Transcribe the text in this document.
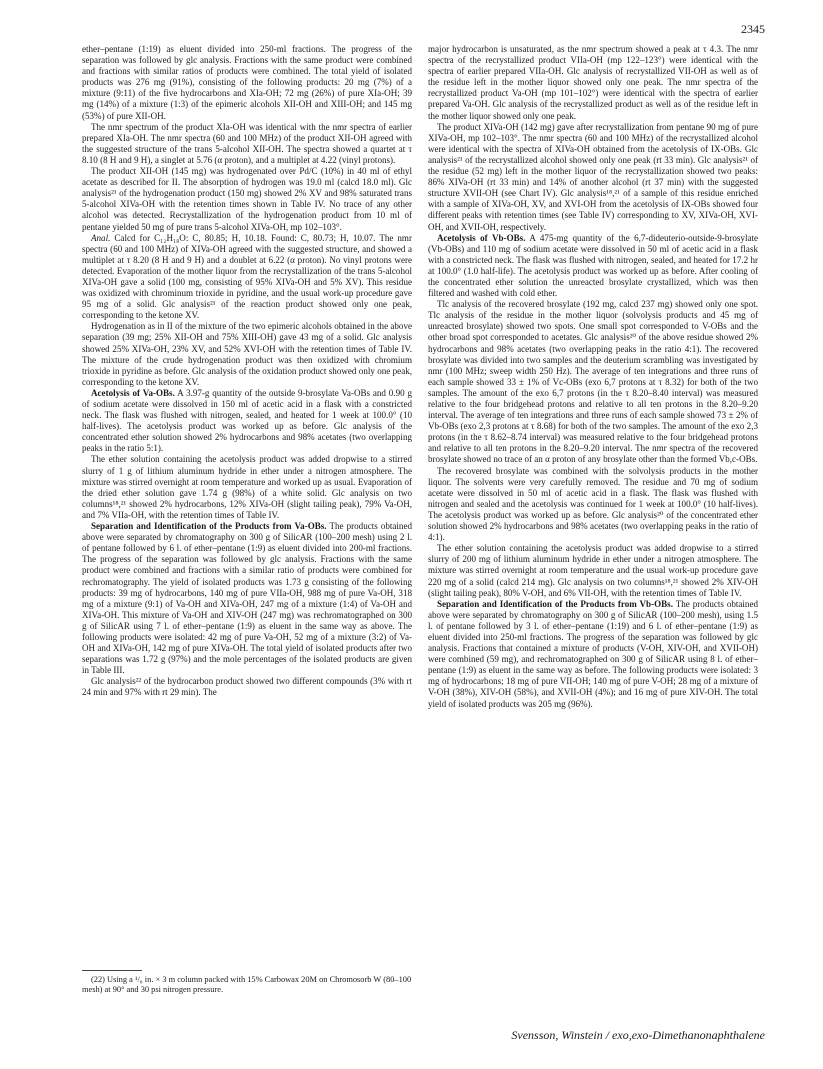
2345

ether–pentane (1:19) as eluent divided into 250-ml fractions. The progress of the separation was followed by glc analysis. Fractions with the same product were combined and fractions with similar ratios of products were combined. The total yield of isolated products was 276 mg (91%), consisting of the following products: 20 mg (7%) of a mixture (9:11) of the five hydrocarbons and XIa-OH; 72 mg (26%) of pure XIa-OH; 39 mg (14%) of a mixture (1:3) of the epimeric alcohols XII-OH and XIII-OH; and 145 mg (53%) of pure XII-OH.

The nmr spectrum of the product XIa-OH was identical with the nmr spectra of earlier prepared XIa-OH. The nmr spectra (60 and 100 MHz) of the product XII-OH agreed with the suggested structure of the trans 5-alcohol XII-OH. The spectra showed a quartet at τ 8.10 (8 H and 9 H), a singlet at 5.76 (α proton), and a multiplet at 4.22 (vinyl protons).

The product XII-OH (145 mg) was hydrogenated over Pd/C (10%) in 40 ml of ethyl acetate as described for II. The absorption of hydrogen was 19.0 ml (calcd 18.0 ml). Glc analysis²¹ of the hydrogenation product (150 mg) showed 2% XV and 98% saturated trans 5-alcohol XIVa-OH with the retention times shown in Table IV. No trace of any other alcohol was detected. Recrystallization of the hydrogenation product from 10 ml of pentane yielded 50 mg of pure trans 5-alcohol XIVa-OH, mp 102–103°.

Anal. Calcd for C₁₂H₁₈O: C, 80.85; H, 10.18. Found: C, 80.73; H, 10.07. The nmr spectra (60 and 100 MHz) of XIVa-OH agreed with the suggested structure, and showed a multiplet at τ 8.20 (8 H and 9 H) and a doublet at 6.22 (α proton). No vinyl protons were detected. Evaporation of the mother liquor from the recrystallization of the trans 5-alcohol XIVa-OH gave a solid (100 mg, consisting of 95% XIVa-OH and 5% XV). This residue was oxidized with chrominum trioxide in pyridine, and the usual work-up procedure gave 95 mg of a solid. Glc analysis²¹ of the reaction product showed only one peak, corresponding to the ketone XV.

Hydrogenation as in II of the mixture of the two epimeric alcohols obtained in the above separation (39 mg; 25% XII-OH and 75% XIII-OH) gave 43 mg of a solid. Glc analysis showed 25% XIVa-OH, 23% XV, and 52% XVI-OH with the retention times of Table IV. The mixture of the crude hydrogenation product was then oxidized with chromium trioxide in pyridine as before. Glc analysis of the oxidation product showed only one peak, corresponding to the ketone XV.

Acetolysis of Va-OBs. A 3.97-g quantity of the outside 9-brosylate Va-OBs and 0.90 g of sodium acetate were dissolved in 150 ml of acetic acid in a flask with a constricted neck. The flask was flushed with nitrogen, sealed, and heated for 1 week at 100.0° (10 half-lives). The acetolysis product was worked up as before. Glc analysis of the concentrated ether solution showed 2% hydrocarbons and 98% acetates (two overlapping peaks in the ratio 5:1).

The ether solution containing the acetolysis product was added dropwise to a stirred slurry of 1 g of lithium aluminum hydride in ether under a nitrogen atmosphere. The mixture was stirred overnight at room temperature and worked up as usual. Evaporation of the dried ether solution gave 1.74 g (98%) of a white solid. Glc analysis on two columns¹⁸,²¹ showed 2% hydrocarbons, 12% XIVa-OH (slight tailing peak), 79% Va-OH, and 7% VIIa-OH, with the retention times of Table IV.

Separation and Identification of the Products from Va-OBs. The products obtained above were separated by chromatography on 300 g of SilicAR (100–200 mesh) using 2 l. of pentane followed by 6 l. of ether–pentane (1:9) as eluent divided into 200-ml fractions. The progress of the separation was followed by glc analysis. Fractions with the same product were combined and fractions with a similar ratio of products were combined for rechromatography. The yield of isolated products was 1.73 g consisting of the following products: 39 mg of hydrocarbons, 140 mg of pure VIIa-OH, 988 mg of pure Va-OH, 318 mg of a mixture (9:1) of Va-OH and XIVa-OH, 247 mg of a mixture (1:4) of Va-OH and XIVa-OH. This mixture of Va-OH and XIV-OH (247 mg) was rechromatographed on 300 g of SilicAR using 7 l. of ether–pentane (1:9) as eluent in the same way as above. The following products were isolated: 42 mg of pure Va-OH, 52 mg of a mixture (3:2) of Va-OH and XIVa-OH, 142 mg of pure XIVa-OH. The total yield of isolated products after two separations was 1.72 g (97%) and the mole percentages of the isolated products are given in Table III.

Glc analysis²² of the hydrocarbon product showed two different compounds (3% with rt 24 min and 97% with rt 29 min). The

major hydrocarbon is unsaturated, as the nmr spectrum showed a peak at τ 4.3. The nmr spectra of the recrystallized product VIIa-OH (mp 122–123°) were identical with the spectra of earlier prepared VIIa-OH. Glc analysis of recrystallized VII-OH as well as of the residue left in the mother liquor showed only one peak. The nmr spectra of the recrystallized product Va-OH (mp 101–102°) were identical with the spectra of earlier prepared Va-OH. Glc analysis of the recrystallized product as well as of the residue left in the mother liquor showed only one peak.

The product XIVa-OH (142 mg) gave after recrystallization from pentane 90 mg of pure XIVa-OH, mp 102–103°. The nmr spectra (60 and 100 MHz) of the recrystallized alcohol were identical with the spectra of XIVa-OH obtained from the acetolysis of IX-OBs. Glc analysis²¹ of the recrystallized alcohol showed only one peak (rt 33 min). Glc analysis²¹ of the residue (52 mg) left in the mother liquor of the recrystallization showed two peaks: 86% XIVa-OH (rt 33 min) and 14% of another alcohol (rt 37 min) with the suggested structure XVII-OH (see Chart IV). Glc analysis¹⁸,²¹ of a sample of this residue enriched with a sample of XIVa-OH, XV, and XVI-OH from the acetolysis of IX-OBs showed four different peaks with retention times (see Table IV) corresponding to XV, XIVa-OH, XVI-OH, and XVII-OH, respectively.

Acetolysis of Vb-OBs. A 475-mg quantity of the 6,7-dideuterio-outside-9-brosylate (Vb-OBs) and 110 mg of sodium acetate were dissolved in 50 ml of acetic acid in a flask with a constricted neck. The flask was flushed with nitrogen, sealed, and heated for 17.2 hr at 100.0° (1.0 half-life). The acetolysis product was worked up as before. After cooling of the concentrated ether solution the unreacted brosylate crystallized, which was then filtered and washed with cold ether.

Tlc analysis of the recovered brosylate (192 mg, calcd 237 mg) showed only one spot. Tlc analysis of the residue in the mother liquor (solvolysis products and 45 mg of unreacted brosylate) showed two spots. One small spot corresponded to V-OBs and the other broad spot corresponded to acetates. Glc analysis²⁰ of the above residue showed 2% hydrocarbons and 98% acetates (two overlapping peaks in the ratio 4:1). The recovered brosylate was divided into two samples and the deuterium scrambling was investigated by nmr (100 MHz; sweep width 250 Hz). The average of ten integrations and three runs of each sample showed 33 ± 1% of Vc-OBs (exo 6,7 protons at τ 8.32) for both of the two samples. The amount of the exo 6,7 protons (in the τ 8.20–8.40 interval) was measured relative to the four bridgehead protons and relative to all ten protons in the 8.20–9.20 interval. The average of ten integrations and three runs of each sample showed 73 ± 2% of Vb-OBs (exo 2,3 protons at τ 8.68) for both of the two samples. The amount of the exo 2,3 protons (in the τ 8.62–8.74 interval) was measured relative to the four bridgehead protons and relative to all ten protons in the 8.20–9.20 interval. The nmr spectra of the recovered brosylate showed no trace of an α proton of any brosylate other than the formed Vb,c-OBs.

The recovered brosylate was combined with the solvolysis products in the mother liquor. The solvents were very carefully removed. The residue and 70 mg of sodium acetate were dissolved in 50 ml of acetic acid in a flask. The flask was flushed with nitrogen and sealed and the acetolysis was continued for 1 week at 100.0° (10 half-lives). The acetolysis product was worked up as before. Glc analysis²⁰ of the concentrated ether solution showed 2% hydrocarbons and 98% acetates (two overlapping peaks in the ratio of 4:1).

The ether solution containing the acetolysis product was added dropwise to a stirred slurry of 200 mg of lithium aluminum hydride in ether under a nitrogen atmosphere. The mixture was stirred overnight at room temperature and the usual work-up procedure gave 220 mg of a solid (calcd 214 mg). Glc analysis on two columns¹⁸,²¹ showed 2% XIV-OH (slight tailing peak), 80% V-OH, and 6% VII-OH, with the retention times of Table IV.

Separation and Identification of the Products from Vb-OBs. The products obtained above were separated by chromatography on 300 g of SilicAR (100–200 mesh), using 1.5 l. of pentane followed by 3 l. of ether–pentane (1:19) and 6 l. of ether–pentane (1:9) as eluent divided into 250-ml fractions. The progress of the separation was followed by glc analysis. Fractions that contained a mixture of products (V-OH, XIV-OH, and XVII-OH) were combined (59 mg), and rechromatographed on 300 g of SilicAR using 8 l. of ether–pentane (1:9) as eluent in the same way as before. The following products were isolated: 3 mg of hydrocarbons; 18 mg of pure VII-OH; 140 mg of pure V-OH; 28 mg of a mixture of V-OH (38%), XIV-OH (58%), and XVII-OH (4%); and 16 mg of pure XIV-OH. The total yield of isolated products was 205 mg (96%).

(22) Using a ¹/₈ in. × 3 m column packed with 15% Carbowax 20M on Chromosorb W (80–100 mesh) at 90° and 30 psi nitrogen pressure.

Svensson, Winstein / exo,exo-Dimethanonaphthalene
